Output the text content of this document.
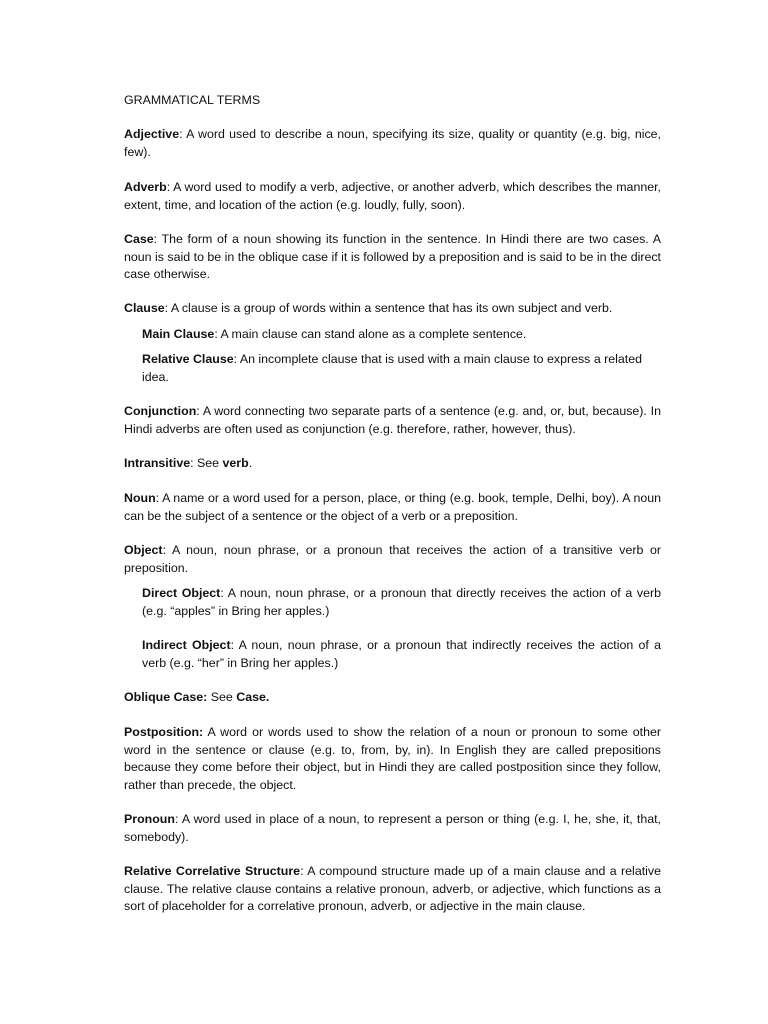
GRAMMATICAL TERMS

Adjective: A word used to describe a noun, specifying its size, quality or quantity (e.g. big, nice, few).

Adverb: A word used to modify a verb, adjective, or another adverb, which describes the manner, extent, time, and location of the action (e.g. loudly, fully, soon).

Case: The form of a noun showing its function in the sentence. In Hindi there are two cases. A noun is said to be in the oblique case if it is followed by a preposition and is said to be in the direct case otherwise.

Clause: A clause is a group of words within a sentence that has its own subject and verb.

Main Clause: A main clause can stand alone as a complete sentence.

Relative Clause: An incomplete clause that is used with a main clause to express a related idea.

Conjunction: A word connecting two separate parts of a sentence (e.g. and, or, but, because). In Hindi adverbs are often used as conjunction (e.g. therefore, rather, however, thus).

Intransitive: See verb.

Noun: A name or a word used for a person, place, or thing (e.g. book, temple, Delhi, boy). A noun can be the subject of a sentence or the object of a verb or a preposition.

Object: A noun, noun phrase, or a pronoun that receives the action of a transitive verb or preposition.

Direct Object: A noun, noun phrase, or a pronoun that directly receives the action of a verb (e.g. “apples” in Bring her apples.)

Indirect Object: A noun, noun phrase, or a pronoun that indirectly receives the action of a verb (e.g. “her” in Bring her apples.)

Oblique Case: See Case.

Postposition: A word or words used to show the relation of a noun or pronoun to some other word in the sentence or clause (e.g. to, from, by, in). In English they are called prepositions because they come before their object, but in Hindi they are called postposition since they follow, rather than precede, the object.

Pronoun: A word used in place of a noun, to represent a person or thing (e.g. I, he, she, it, that, somebody).

Relative Correlative Structure: A compound structure made up of a main clause and a relative clause. The relative clause contains a relative pronoun, adverb, or adjective, which functions as a sort of placeholder for a correlative pronoun, adverb, or adjective in the main clause.
